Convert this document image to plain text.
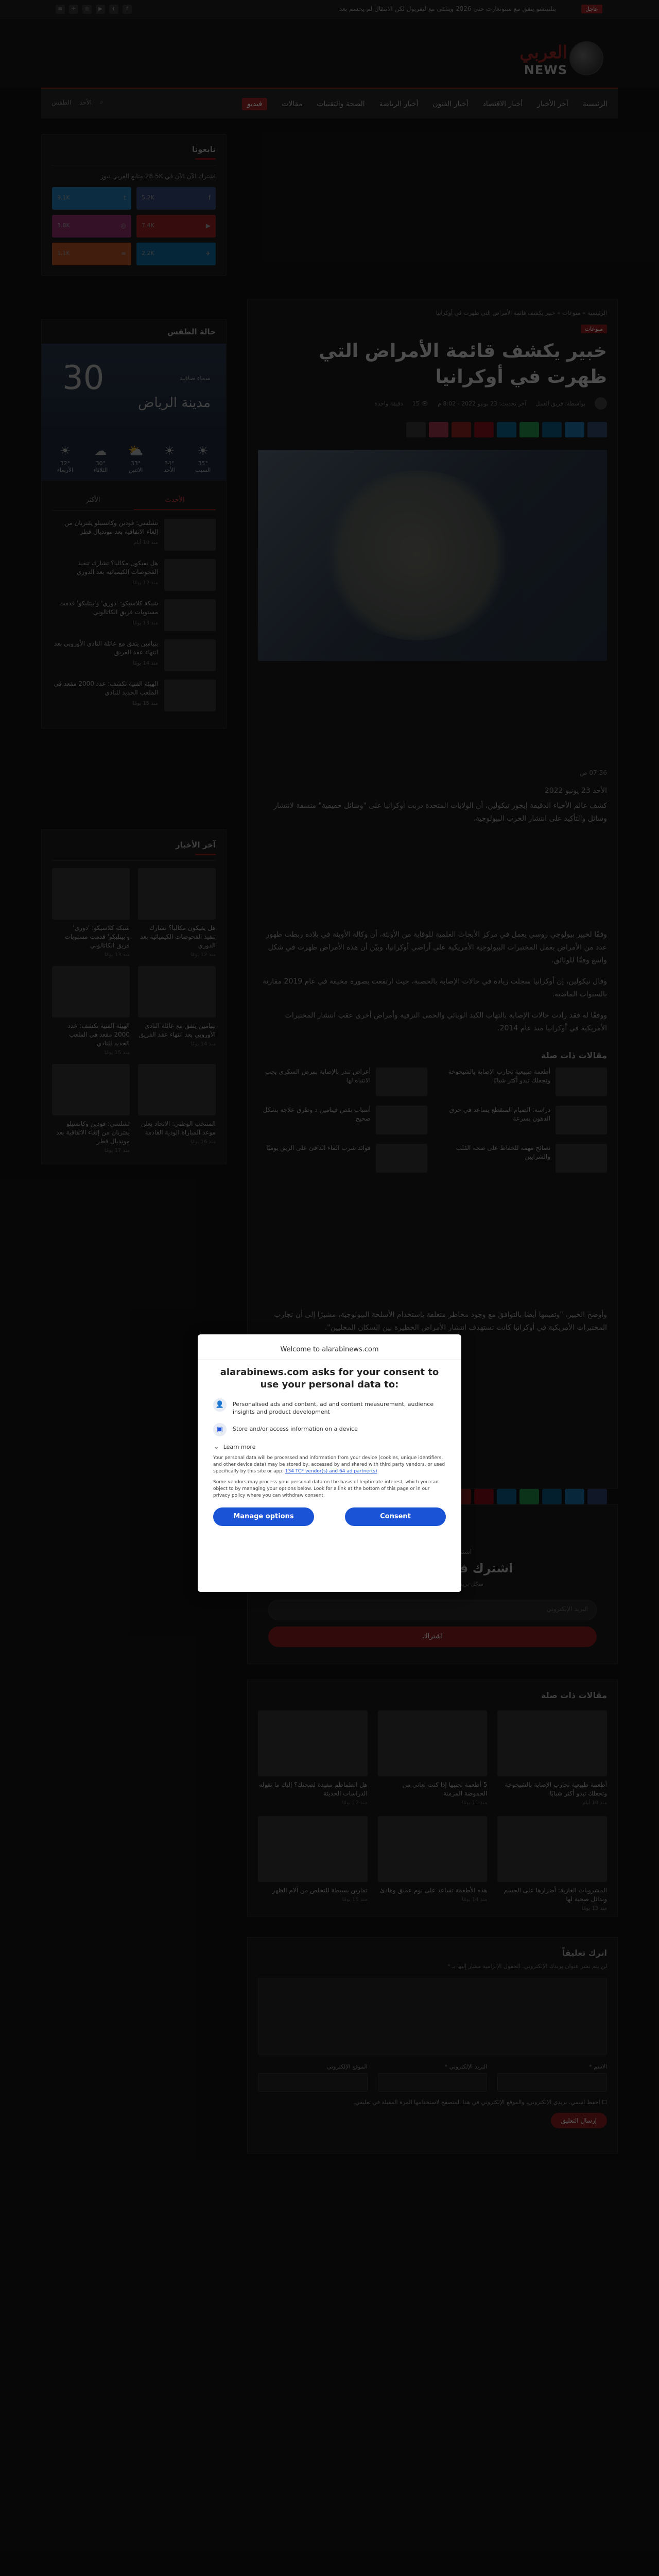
Welcome to alarabinews.com
alarabinews.com asks for your consent to use your personal data to:
👤	Personalised ads and content, ad and content measurement, audience insights and product development
▣	Store and/or access information on a device
⌄ Learn more

Your personal data will be processed and information from your device (cookies, unique identifiers, and other device data) may be stored by, accessed by and shared with third party vendors, or used specifically by this site or app. 134 TCF vendor(s) and 64 ad partner(s)

Some vendors may process your personal data on the basis of legitimate interest, which you can object to by managing your options below. Look for a link at the bottom of this page or in our privacy policy where you can withdraw consent.

Manage options	Consent
